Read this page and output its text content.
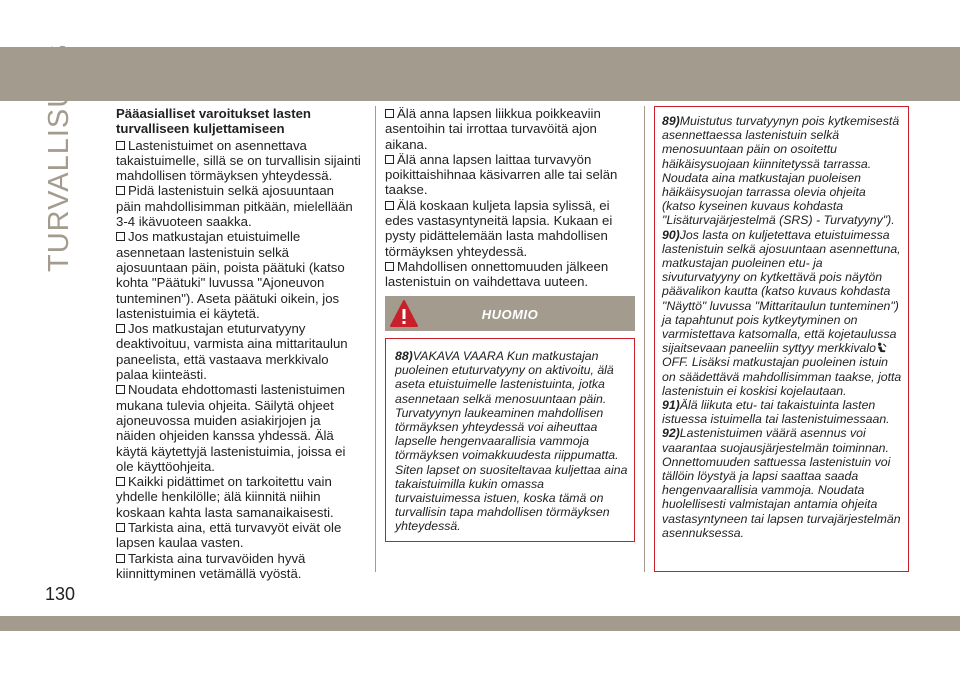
TURVALLISUUS	Pääasialliset varoitukset lasten turvalliseen kuljettamiseen
Lastenistuimet on asennettava takaistuimelle, sillä se on turvallisin sijainti mahdollisen törmäyksen yhteydessä.
Pidä lastenistuin selkä ajosuuntaan päin mahdollisimman pitkään, mielellään 3-4 ikävuoteen saakka.
Jos matkustajan etuistuimelle asennetaan lastenistuin selkä ajosuuntaan päin, poista päätuki (katso kohta "Päätuki" luvussa "Ajoneuvon tunteminen"). Aseta päätuki oikein, jos lastenistuimia ei käytetä.
Jos matkustajan etuturvatyyny deaktivoituu, varmista aina mittaritaulun paneelista, että vastaava merkkivalo palaa kiinteästi.
Noudata ehdottomasti lastenistuimen mukana tulevia ohjeita. Säilytä ohjeet ajoneuvossa muiden asiakirjojen ja näiden ohjeiden kanssa yhdessä. Älä käytä käytettyjä lastenistuimia, joissa ei ole käyttöohjeita.
Kaikki pidättimet on tarkoitettu vain yhdelle henkilölle; älä kiinnitä niihin koskaan kahta lasta samanaikaisesti.
Tarkista aina, että turvavyöt eivät ole lapsen kaulaa vasten.
Tarkista aina turvavöiden hyvä kiinnittyminen vetämällä vyöstä.
Älä anna lapsen liikkua poikkeaviin asentoihin tai irrottaa turvavöitä ajon aikana.
Älä anna lapsen laittaa turvavyön poikittaishihnaa käsivarren alle tai selän taakse.
Älä koskaan kuljeta lapsia sylissä, ei edes vastasyntyneitä lapsia. Kukaan ei pysty pidättelemään lasta mahdollisen törmäyksen yhteydessä.
Mahdollisen onnettomuuden jälkeen lastenistuin on vaihdettava uuteen.
HUOMIO
88)VAKAVA VAARA Kun matkustajan puoleinen etuturvatyyny on aktivoitu, älä aseta etuistuimelle lastenistuinta, jotka asennetaan selkä menosuuntaan päin. Turvatyynyn laukeaminen mahdollisen törmäyksen yhteydessä voi aiheuttaa lapselle hengenvaarallisia vammoja törmäyksen voimakkuudesta riippumatta. Siten lapset on suositeltavaa kuljettaa aina takaistuimilla kukin omassa turvaistuimessa istuen, koska tämä on turvallisin tapa mahdollisen törmäyksen yhteydessä.
89)Muistutus turvatyynyn pois kytkemisestä asennettaessa lastenistuin selkä menosuuntaan päin on osoitettu häikäisysuojaan kiinnitetyssä tarrassa. Noudata aina matkustajan puoleisen häikäisysuojan tarrassa olevia ohjeita (katso kyseinen kuvaus kohdasta "Lisäturvajärjestelmä (SRS) - Turvatyyny").
90)Jos lasta on kuljetettava etuistuimessa lastenistuin selkä ajosuuntaan asennettuna, matkustajan puoleinen etu- ja sivuturvatyyny on kytkettävä pois näytön päävalikon kautta (katso kuvaus kohdasta "Näyttö" luvussa "Mittaritaulun tunteminen") ja tapahtunut pois kytkeytyminen on varmistettava katsomalla, että kojetaulussa sijaitsevaan paneeliin syttyy merkkivalo OFF. Lisäksi matkustajan puoleinen istuin on säädettävä mahdollisimman taakse, jotta lastenistuin ei koskisi kojelautaan.
91)Älä liikuta etu- tai takaistuinta lasten istuessa istuimella tai lastenistuimessaan.
92)Lastenistuimen väärä asennus voi vaarantaa suojausjärjestelmän toiminnan. Onnettomuuden sattuessa lastenistuin voi tällöin löystyä ja lapsi saattaa saada hengenvaarallisia vammoja. Noudata huolellisesti valmistajan antamia ohjeita vastasyntyneen tai lapsen turvajärjestelmän asennuksessa.
130
